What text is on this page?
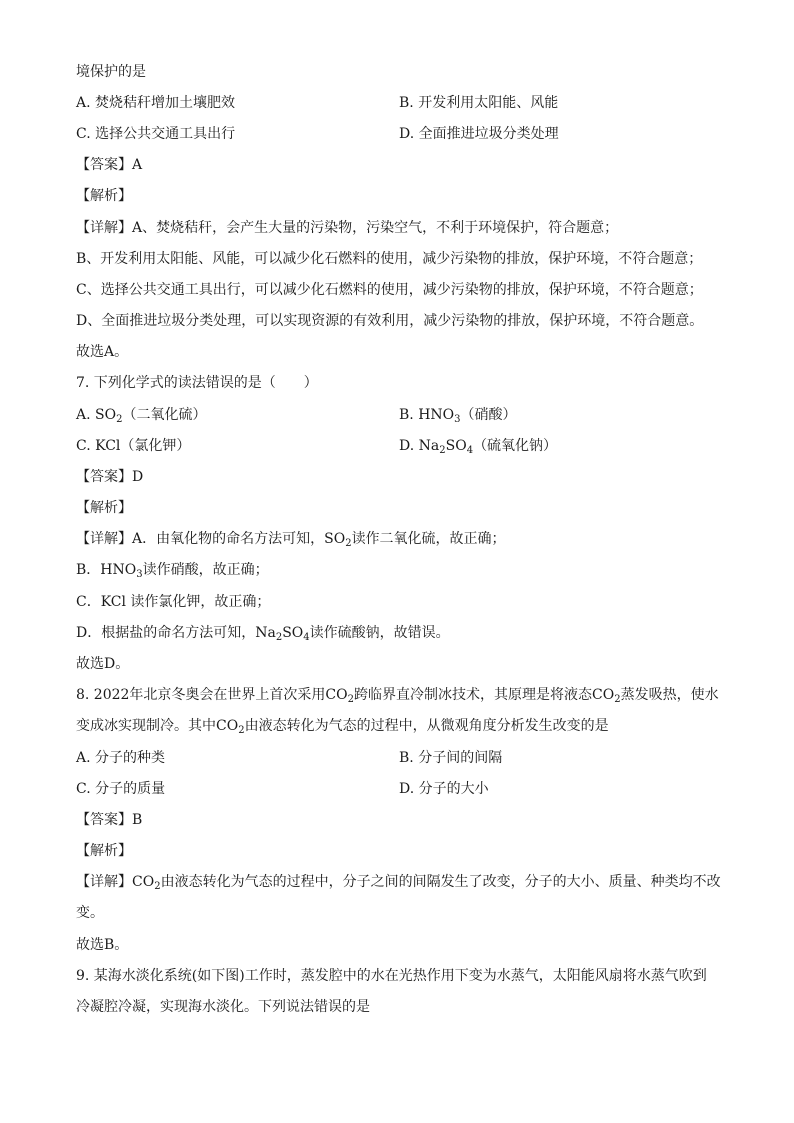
境保护的是
A. 焚烧秸秆增加土壤肥效	B. 开发利用太阳能、风能
C. 选择公共交通工具出行	D. 全面推进垃圾分类处理
【答案】A
【解析】
【详解】A、焚烧秸秆，会产生大量的污染物，污染空气，不利于环境保护，符合题意；
B、开发利用太阳能、风能，可以减少化石燃料的使用，减少污染物的排放，保护环境，不符合题意；
C、选择公共交通工具出行，可以减少化石燃料的使用，减少污染物的排放，保护环境，不符合题意；
D、全面推进垃圾分类处理，可以实现资源的有效利用，减少污染物的排放，保护环境，不符合题意。
故选A。
7. 下列化学式的读法错误的是（　　）
A. $SO_2$（二氧化硫）	B. $HNO_3$（硝酸）
C. KCl（氯化钾）	D. $Na_2SO_4$（硫氧化钠）
【答案】D
【解析】
【详解】A．由氧化物的命名方法可知，$SO_2$读作二氧化硫，故正确；
B．$HNO_3$读作硝酸，故正确；
C．KCl 读作氯化钾，故正确；
D．根据盐的命名方法可知，$Na_2SO_4$读作硫酸钠，故错误。
故选D。
8. 2022年北京冬奥会在世界上首次采用$CO_2$跨临界直冷制冰技术，其原理是将液态$CO_2$蒸发吸热，使水
变成冰实现制冷。其中$CO_2$由液态转化为气态的过程中，从微观角度分析发生改变的是
A. 分子的种类	B. 分子间的间隔
C. 分子的质量	D. 分子的大小
【答案】B
【解析】
【详解】$CO_2$由液态转化为气态的过程中，分子之间的间隔发生了改变，分子的大小、质量、种类均不改
变。
故选B。
9. 某海水淡化系统(如下图)工作时，蒸发腔中的水在光热作用下变为水蒸气，太阳能风扇将水蒸气吹到
冷凝腔冷凝，实现海水淡化。下列说法错误的是
